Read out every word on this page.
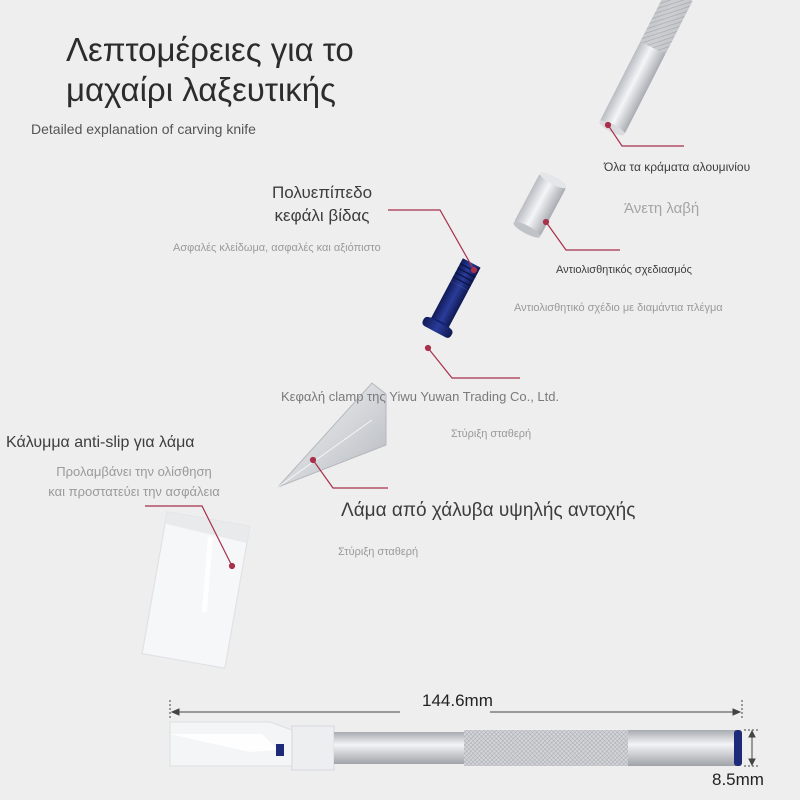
Λεπτομέρειες για το
μαχαίρι λαξευτικής
Detailed explanation of carving knife
Όλα τα κράματα αλουμινίου
Άνετη λαβή
Πολυεπίπεδο
κεφάλι βίδας
Ασφαλές κλείδωμα, ασφαλές και αξιόπιστο
Αντιολισθητικός σχεδιασμός
Αντιολισθητικό σχέδιο με διαμάντια πλέγμα
Κεφαλή clamp της Yiwu Yuwan Trading Co., Ltd.
Στύριξη σταθερή
Κάλυμμα anti-slip για λάμα
Προλαμβάνει την ολίσθηση
και προστατεύει την ασφάλεια
Λάμα από χάλυβα υψηλής αντοχής
Στύριξη σταθερή
144.6mm
8.5mm
